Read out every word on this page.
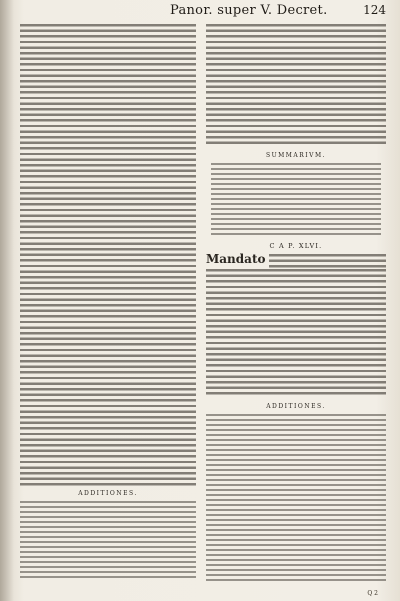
Panor. super V. Decret.	124
ADDITIONES.
SUMMARIVM.
C A P. XLVI.
Mandato
ADDITIONES.
Q 2
